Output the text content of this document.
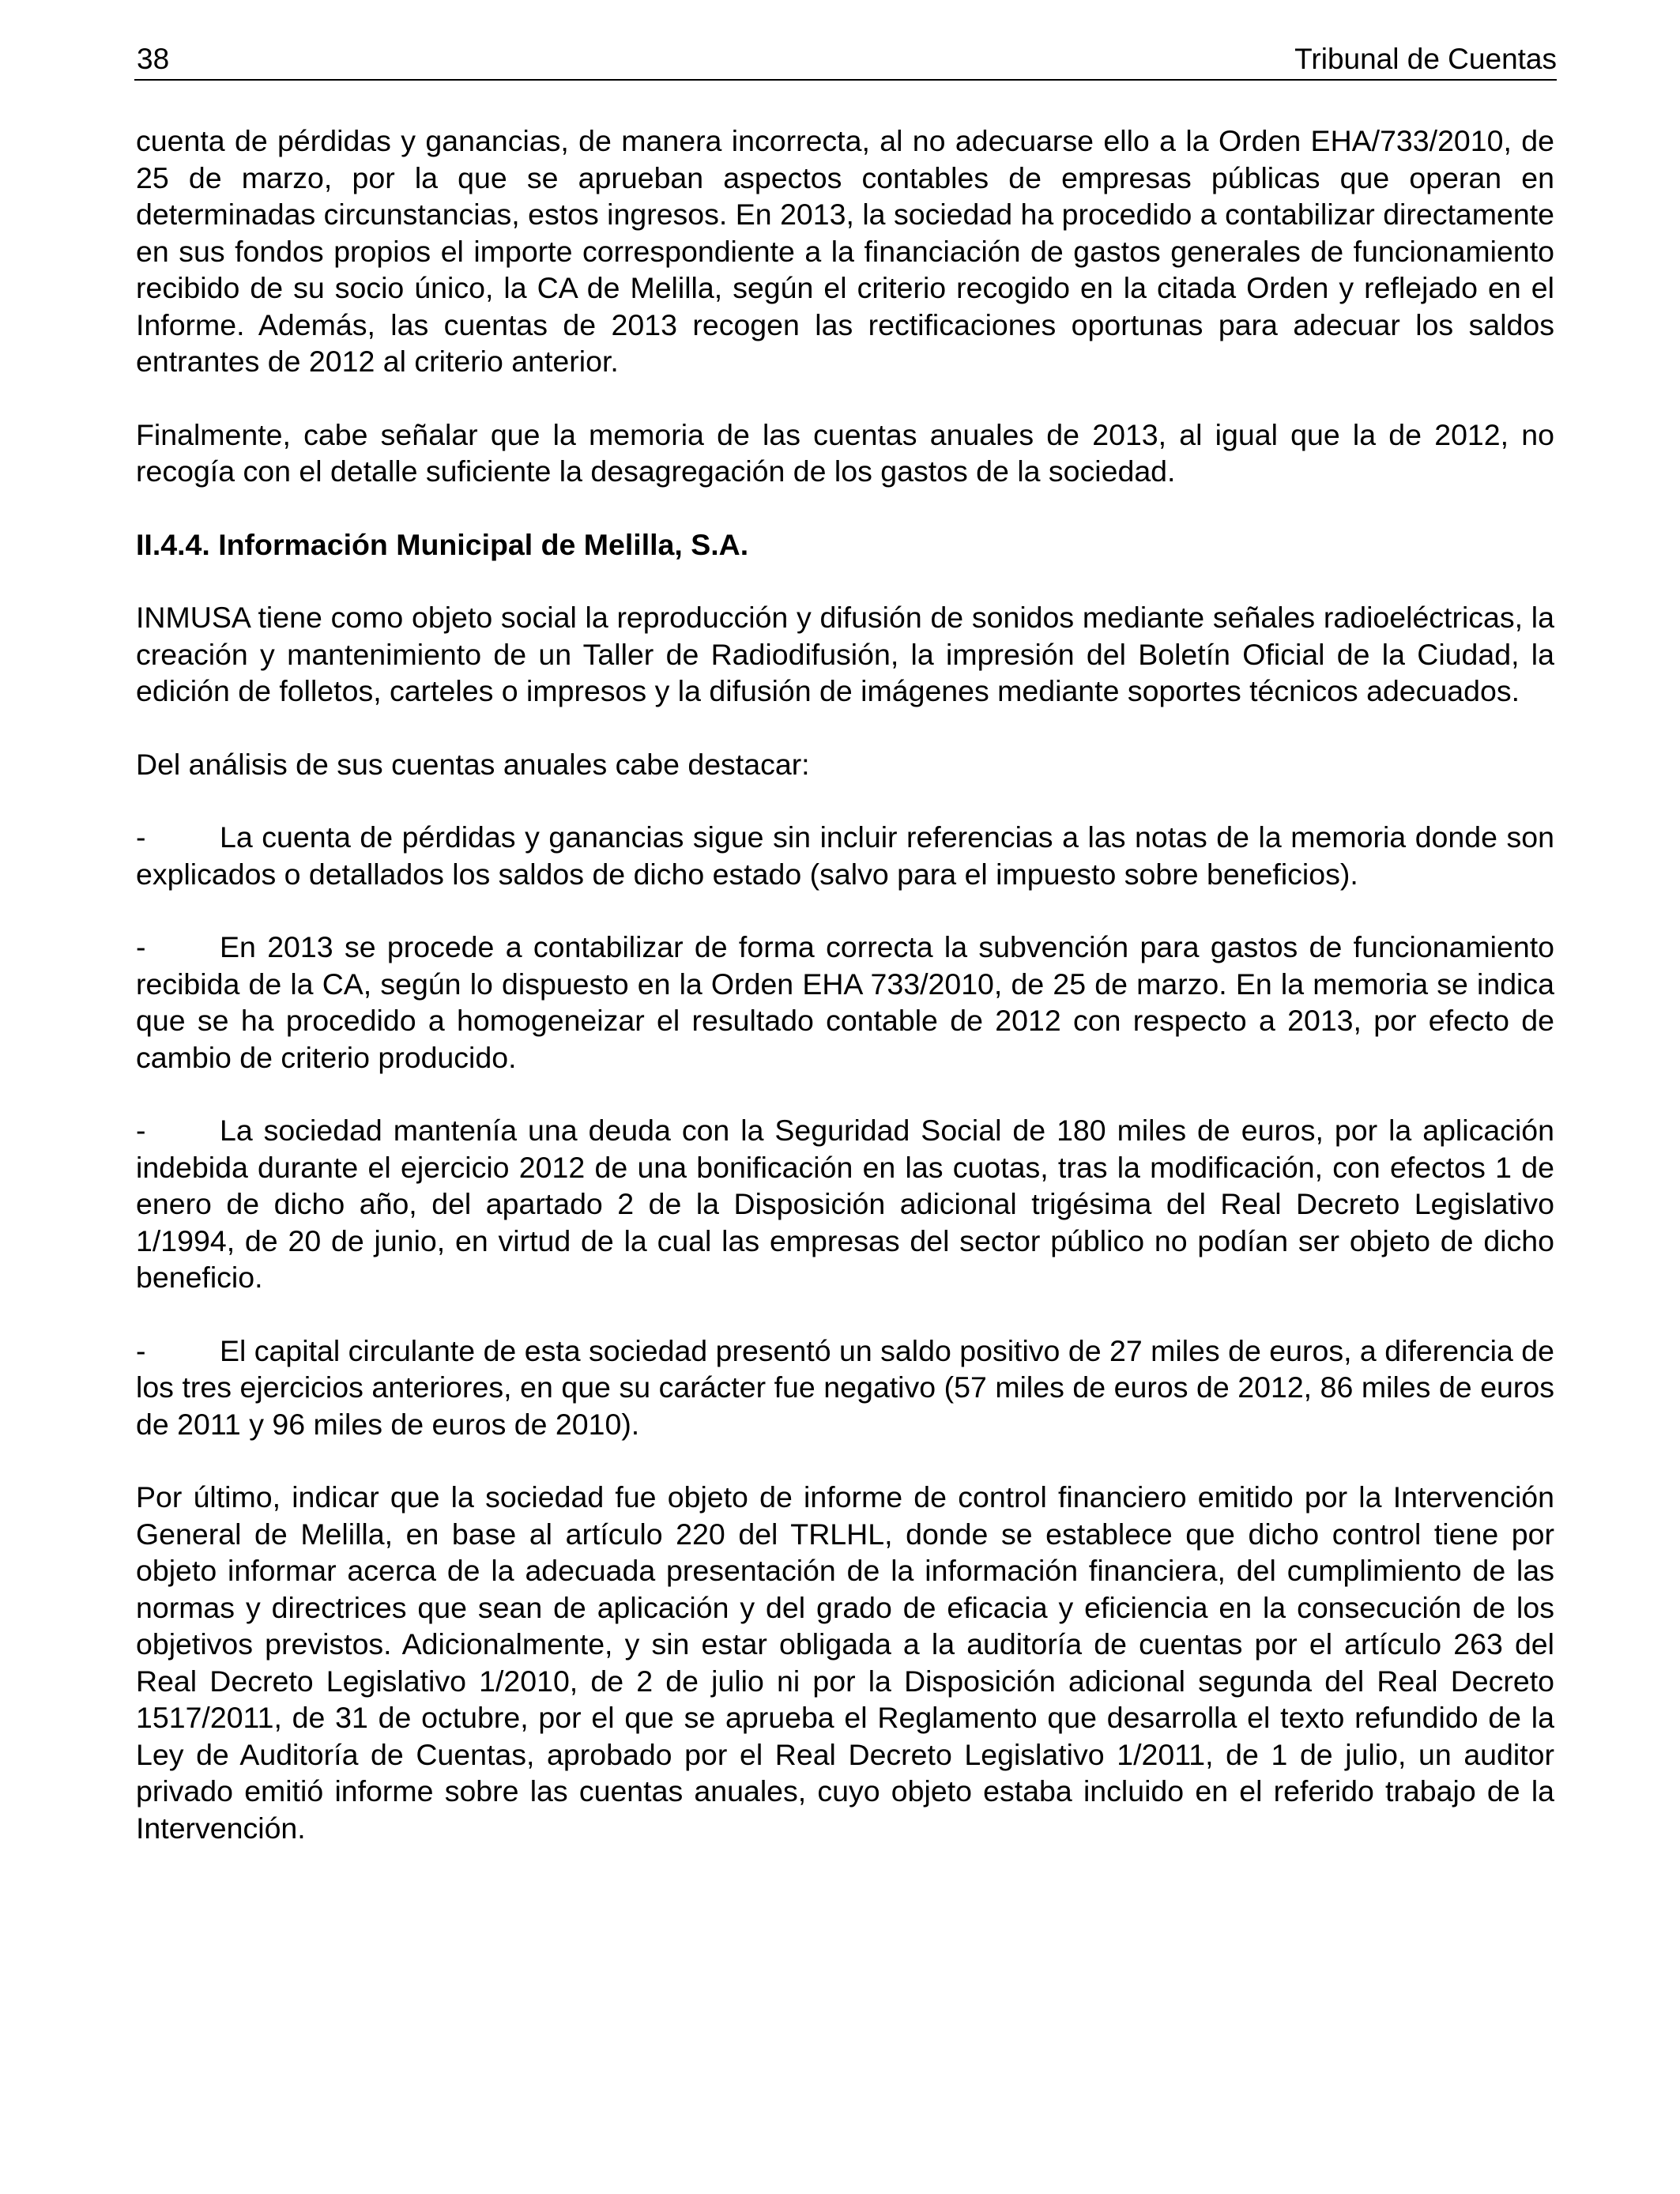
38	Tribunal de Cuentas

cuenta de pérdidas y ganancias, de manera incorrecta, al no adecuarse ello a la Orden EHA/733/2010, de 25 de marzo, por la que se aprueban aspectos contables de empresas públicas que operan en determinadas circunstancias, estos ingresos. En 2013, la sociedad ha procedido a contabilizar directamente en sus fondos propios el importe correspondiente a la financiación de gastos generales de funcionamiento recibido de su socio único, la CA de Melilla, según el criterio recogido en la citada Orden y reflejado en el Informe. Además, las cuentas de 2013 recogen las rectificaciones oportunas para adecuar los saldos entrantes de 2012 al criterio anterior.

Finalmente, cabe señalar que la memoria de las cuentas anuales de 2013, al igual que la de 2012, no recogía con el detalle suficiente la desagregación de los gastos de la sociedad.

II.4.4. Información Municipal de Melilla, S.A.

INMUSA tiene como objeto social la reproducción y difusión de sonidos mediante señales radioeléctricas, la creación y mantenimiento de un Taller de Radiodifusión, la impresión del Boletín Oficial de la Ciudad, la edición de folletos, carteles o impresos y la difusión de imágenes mediante soportes técnicos adecuados.

Del análisis de sus cuentas anuales cabe destacar:

- La cuenta de pérdidas y ganancias sigue sin incluir referencias a las notas de la memoria donde son explicados o detallados los saldos de dicho estado (salvo para el impuesto sobre beneficios).

- En 2013 se procede a contabilizar de forma correcta la subvención para gastos de funcionamiento recibida de la CA, según lo dispuesto en la Orden EHA 733/2010, de 25 de marzo. En la memoria se indica que se ha procedido a homogeneizar el resultado contable de 2012 con respecto a 2013, por efecto de cambio de criterio producido.

- La sociedad mantenía una deuda con la Seguridad Social de 180 miles de euros, por la aplicación indebida durante el ejercicio 2012 de una bonificación en las cuotas, tras la modificación, con efectos 1 de enero de dicho año, del apartado 2 de la Disposición adicional trigésima del Real Decreto Legislativo 1/1994, de 20 de junio, en virtud de la cual las empresas del sector público no podían ser objeto de dicho beneficio.

- El capital circulante de esta sociedad presentó un saldo positivo de 27 miles de euros, a diferencia de los tres ejercicios anteriores, en que su carácter fue negativo (57 miles de euros de 2012, 86 miles de euros de 2011 y 96 miles de euros de 2010).

Por último, indicar que la sociedad fue objeto de informe de control financiero emitido por la Intervención General de Melilla, en base al artículo 220 del TRLHL, donde se establece que dicho control tiene por objeto informar acerca de la adecuada presentación de la información financiera, del cumplimiento de las normas y directrices que sean de aplicación y del grado de eficacia y eficiencia en la consecución de los objetivos previstos. Adicionalmente, y sin estar obligada a la auditoría de cuentas por el artículo 263 del Real Decreto Legislativo 1/2010, de 2 de julio ni por la Disposición adicional segunda del Real Decreto 1517/2011, de 31 de octubre, por el que se aprueba el Reglamento que desarrolla el texto refundido de la Ley de Auditoría de Cuentas, aprobado por el Real Decreto Legislativo 1/2011, de 1 de julio, un auditor privado emitió informe sobre las cuentas anuales, cuyo objeto estaba incluido en el referido trabajo de la Intervención.
